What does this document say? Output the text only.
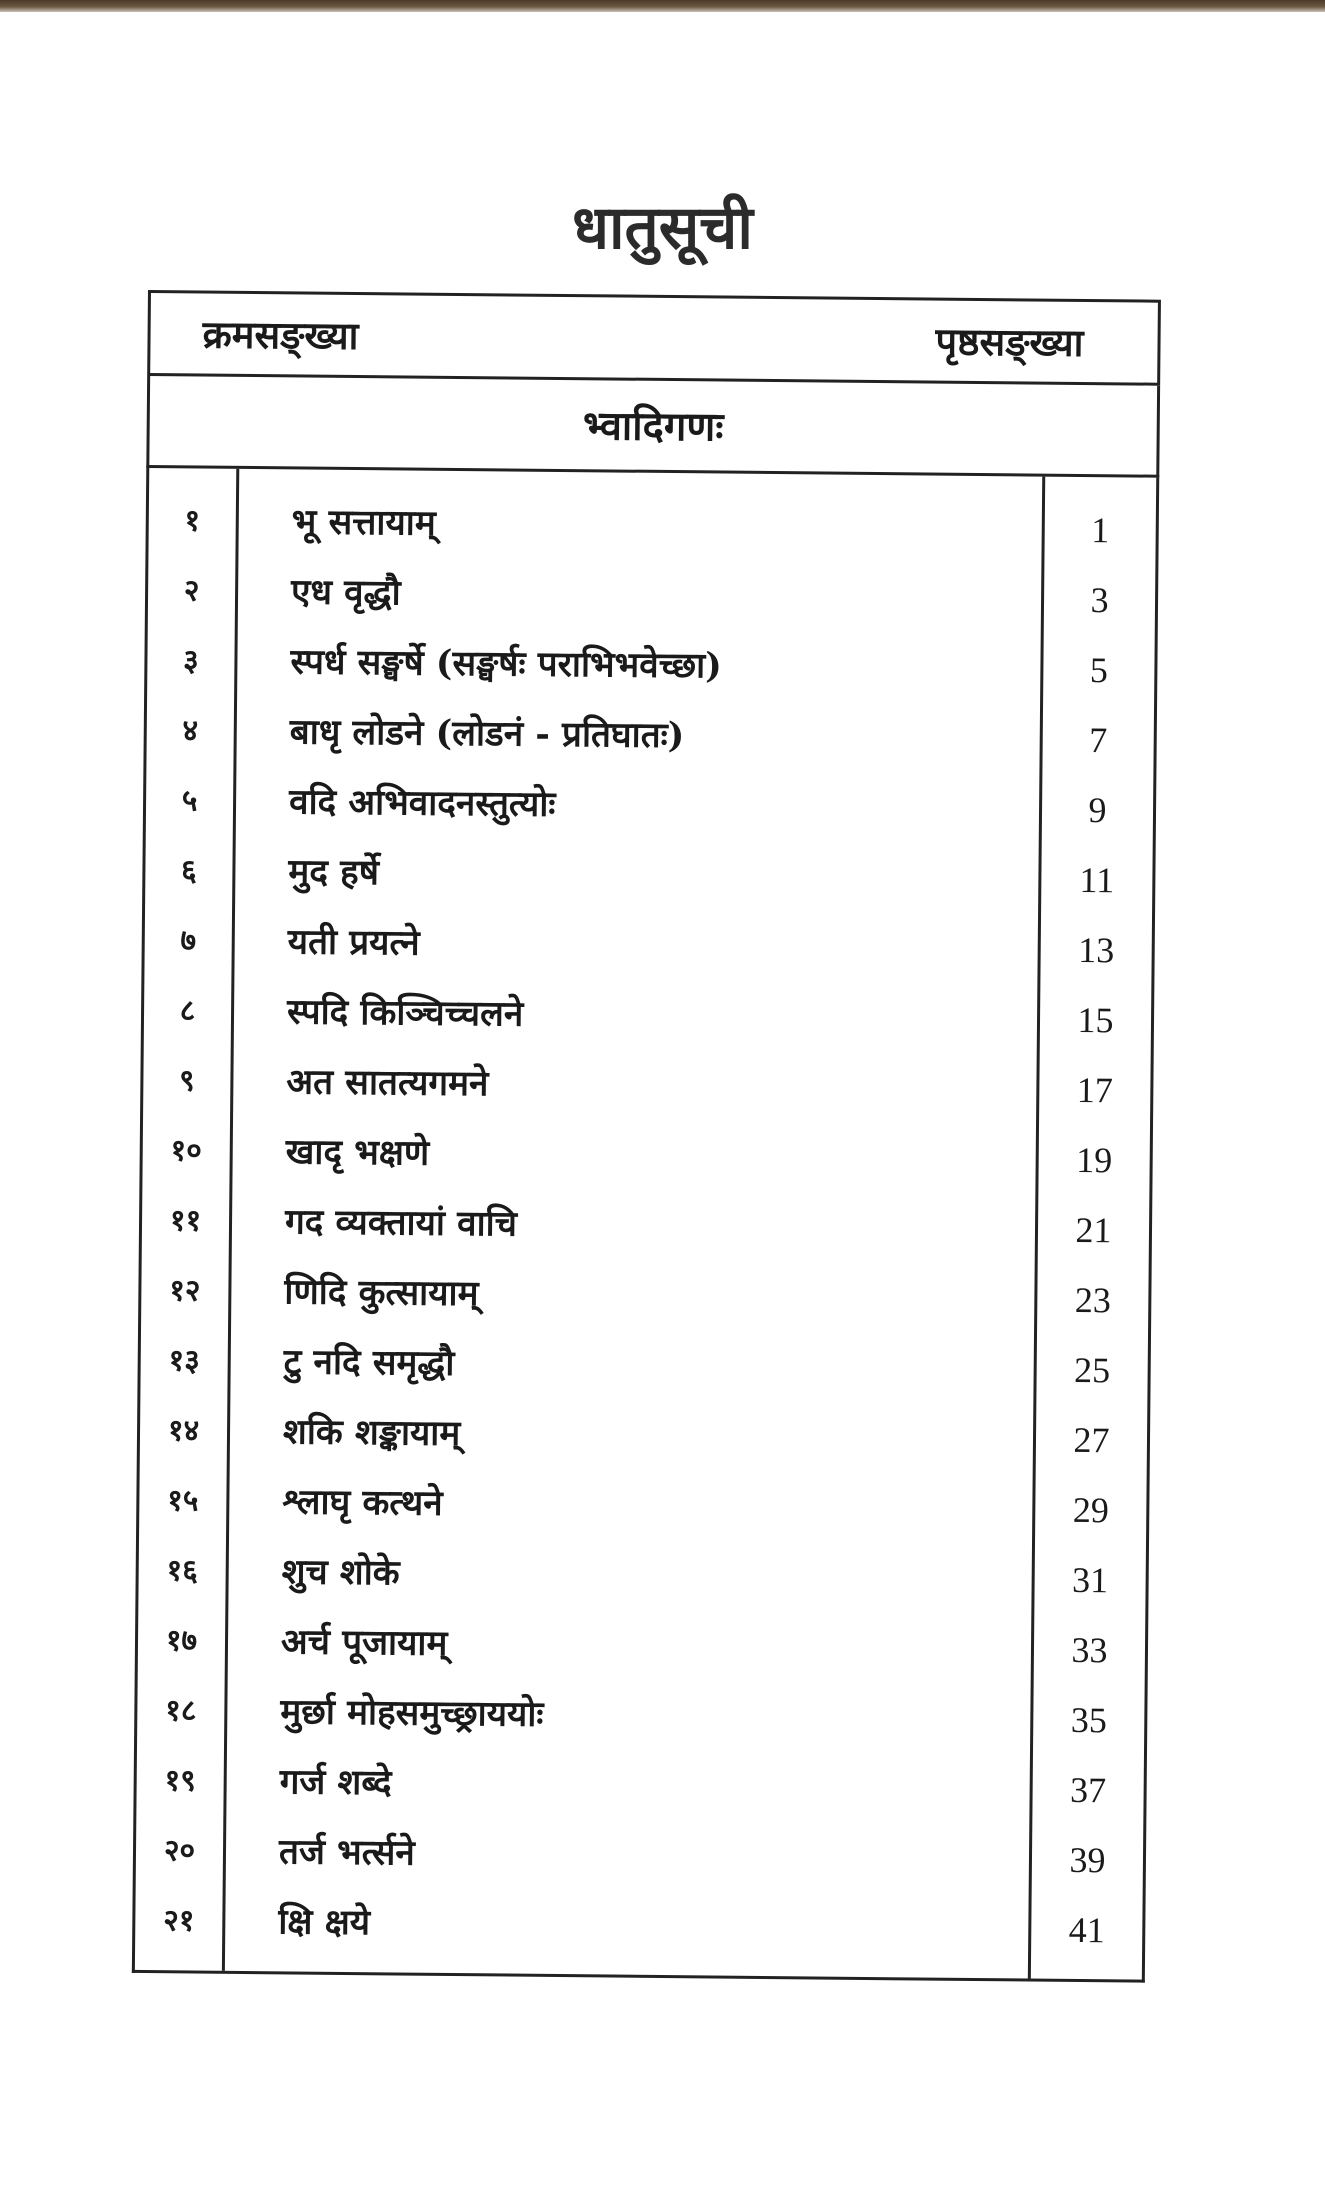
धातुसूची
क्रमसङ्ख्या	पृष्ठसङ्ख्या
भ्वादिगणः
१	भू सत्तायाम्	1
२	एध वृद्धौ	3
३	स्पर्ध सङ्घर्षे (सङ्घर्षः पराभिभवेच्छा)	5
४	बाधृ लोडने (लोडनं - प्रतिघातः)	7
५	वदि अभिवादनस्तुत्योः	9
६	मुद हर्षे	11
७	यती प्रयत्ने	13
८	स्पदि किञ्चिच्चलने	15
९	अत सातत्यगमने	17
१०	खादृ भक्षणे	19
११	गद व्यक्तायां वाचि	21
१२	णिदि कुत्सायाम्	23
१३	टु नदि समृद्धौ	25
१४	शकि शङ्कायाम्	27
१५	श्लाघृ कत्थने	29
१६	शुच शोके	31
१७	अर्च पूजायाम्	33
१८	मुर्छा मोहसमुच्छ्राययोः	35
१९	गर्ज शब्दे	37
२०	तर्ज भर्त्सने	39
२१	क्षि क्षये	41
